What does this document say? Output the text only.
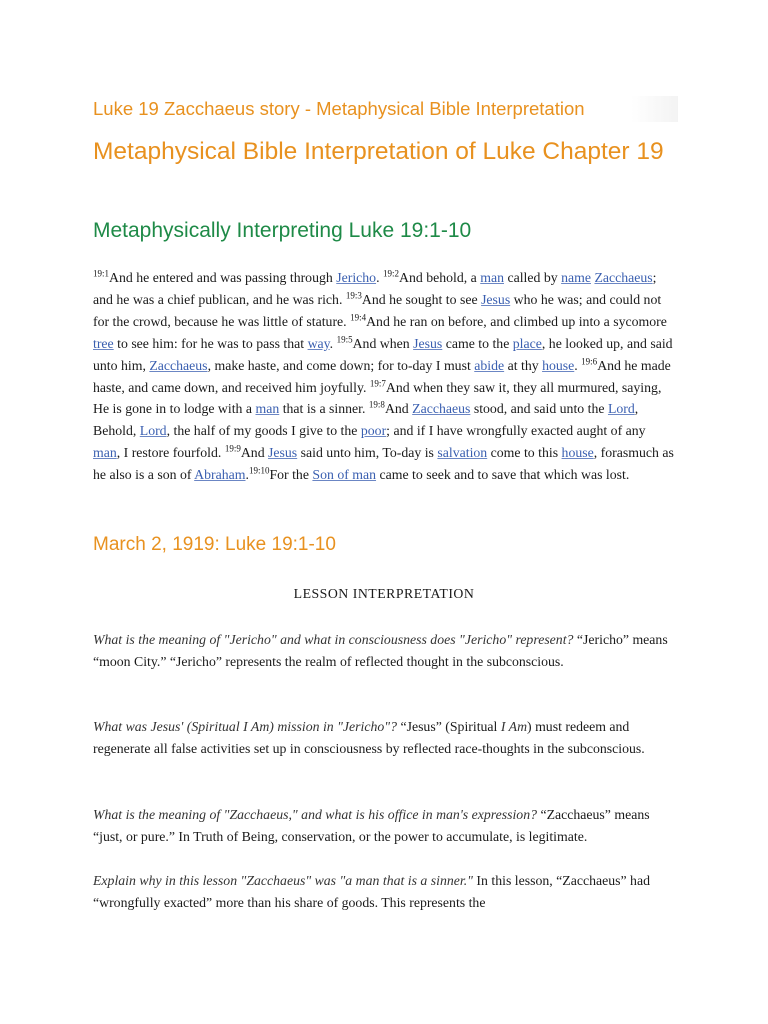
Luke 19 Zacchaeus story - Metaphysical Bible Interpretation
Metaphysical Bible Interpretation of Luke Chapter 19
Metaphysically Interpreting Luke 19:1-10
$^{19:1}$And he entered and was passing through Jericho. $^{19:2}$And behold, a man called by name Zacchaeus; and he was a chief publican, and he was rich. $^{19:3}$And he sought to see Jesus who he was; and could not for the crowd, because he was little of stature. $^{19:4}$And he ran on before, and climbed up into a sycomore tree to see him: for he was to pass that way. $^{19:5}$And when Jesus came to the place, he looked up, and said unto him, Zacchaeus, make haste, and come down; for to-day I must abide at thy house. $^{19:6}$And he made haste, and came down, and received him joyfully. $^{19:7}$And when they saw it, they all murmured, saying, He is gone in to lodge with a man that is a sinner. $^{19:8}$And Zacchaeus stood, and said unto the Lord, Behold, Lord, the half of my goods I give to the poor; and if I have wrongfully exacted aught of any man, I restore fourfold. $^{19:9}$And Jesus said unto him, To-day is salvation come to this house, forasmuch as he also is a son of Abraham.$^{19:10}$For the Son of man came to seek and to save that which was lost.
March 2, 1919: Luke 19:1-10
LESSON INTERPRETATION
What is the meaning of "Jericho" and what in consciousness does "Jericho" represent? “Jericho” means “moon City.” “Jericho” represents the realm of reflected thought in the subconscious.
What was Jesus' (Spiritual I Am) mission in "Jericho"? “Jesus” (Spiritual I Am) must redeem and regenerate all false activities set up in consciousness by reflected race-thoughts in the subconscious.
What is the meaning of "Zacchaeus," and what is his office in man's expression? “Zacchaeus” means “just, or pure.” In Truth of Being, conservation, or the power to accumulate, is legitimate.
Explain why in this lesson "Zacchaeus" was "a man that is a sinner." In this lesson, “Zacchaeus” had “wrongfully exacted” more than his share of goods. This represents the
